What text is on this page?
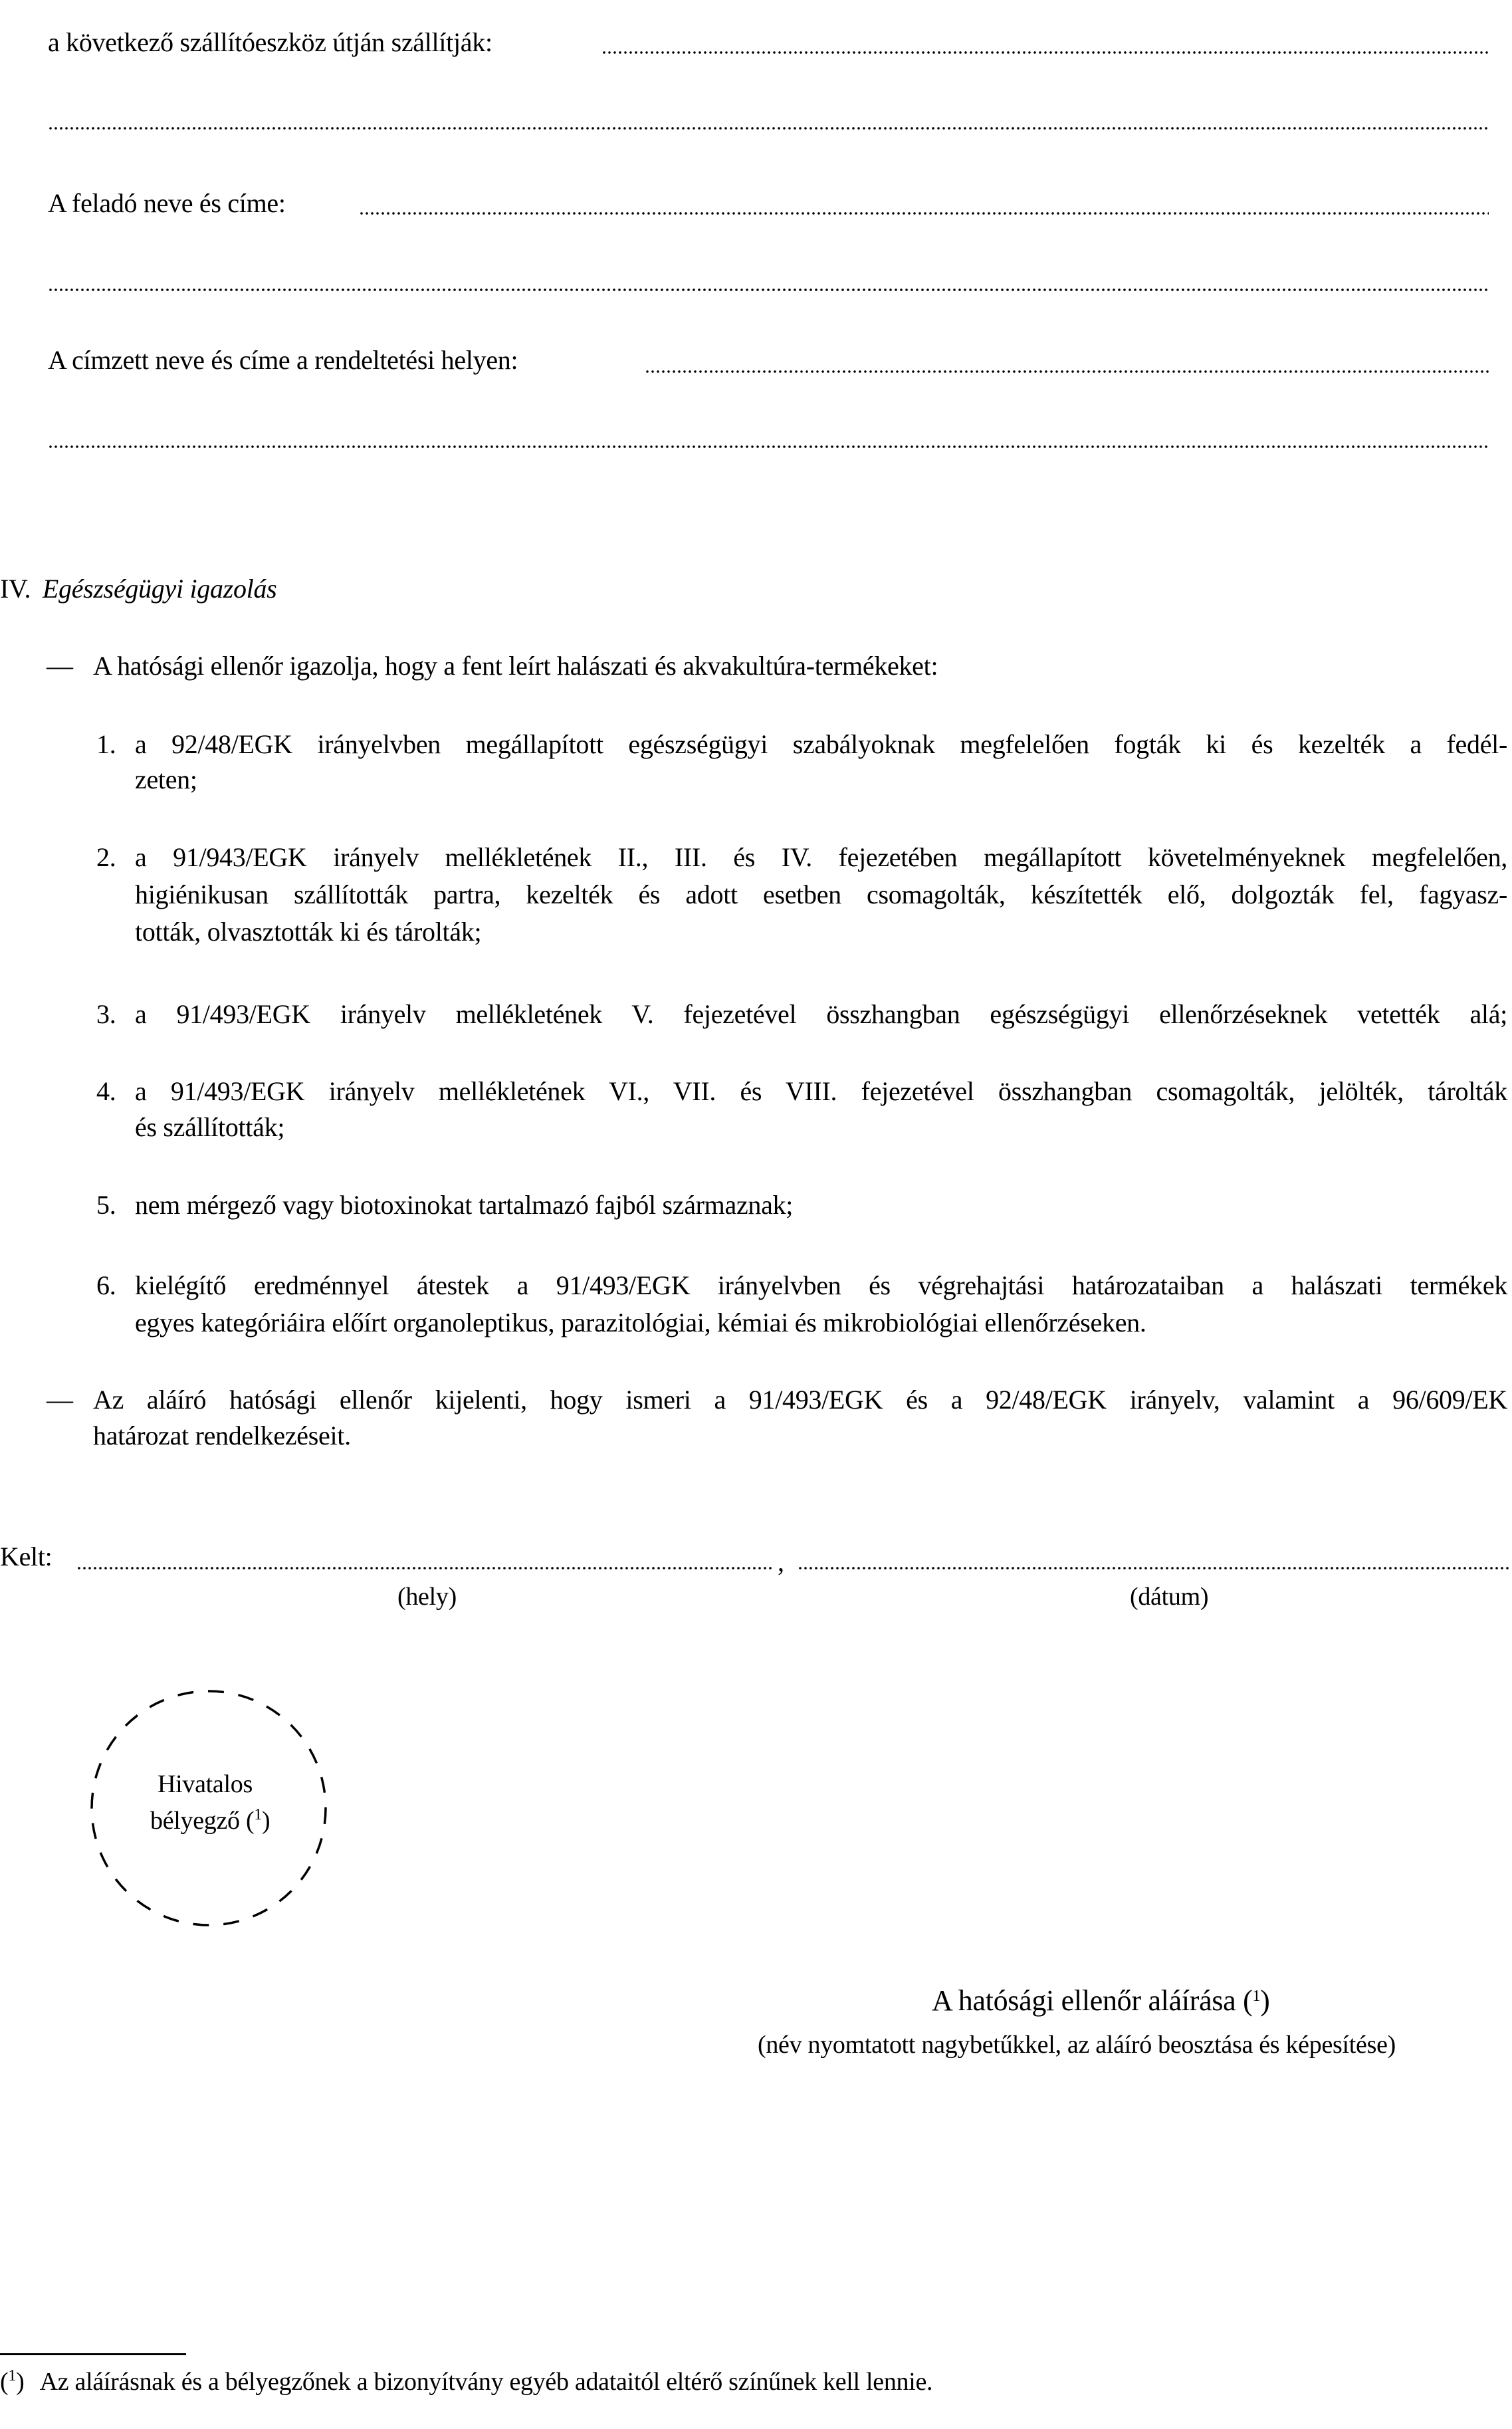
a következő szállítóeszköz útján szállítják:
A feladó neve és címe:
A címzett neve és címe a rendeltetési helyen:
IV. Egészségügyi igazolás
— A hatósági ellenőr igazolja, hogy a fent leírt halászati és akvakultúra-termékeket:
1. a 92/48/EGK irányelvben megállapított egészségügyi szabályoknak megfelelően fogták ki és kezelték a fedél-
zeten;
2. a 91/943/EGK irányelv mellékletének II., III. és IV. fejezetében megállapított követelményeknek megfelelően,
higiénikusan szállították partra, kezelték és adott esetben csomagolták, készítették elő, dolgozták fel, fagyasz-
tották, olvasztották ki és tárolták;
3. a 91/493/EGK irányelv mellékletének V. fejezetével összhangban egészségügyi ellenőrzéseknek vetették alá;
4. a 91/493/EGK irányelv mellékletének VI., VII. és VIII. fejezetével összhangban csomagolták, jelölték, tárolták
és szállították;
5. nem mérgező vagy biotoxinokat tartalmazó fajból származnak;
6. kielégítő eredménnyel átestek a 91/493/EGK irányelvben és végrehajtási határozataiban a halászati termékek
egyes kategóriáira előírt organoleptikus, parazitológiai, kémiai és mikrobiológiai ellenőrzéseken.
— Az aláíró hatósági ellenőr kijelenti, hogy ismeri a 91/493/EGK és a 92/48/EGK irányelv, valamint a 96/609/EK
határozat rendelkezéseit.
Kelt:	,
(hely)	(dátum)
Hivatalos
bélyegző ($^1$)
A hatósági ellenőr aláírása ($^1$)
(név nyomtatott nagybetűkkel, az aláíró beosztása és képesítése)
($^1$) Az aláírásnak és a bélyegzőnek a bizonyítvány egyéb adataitól eltérő színűnek kell lennie.
